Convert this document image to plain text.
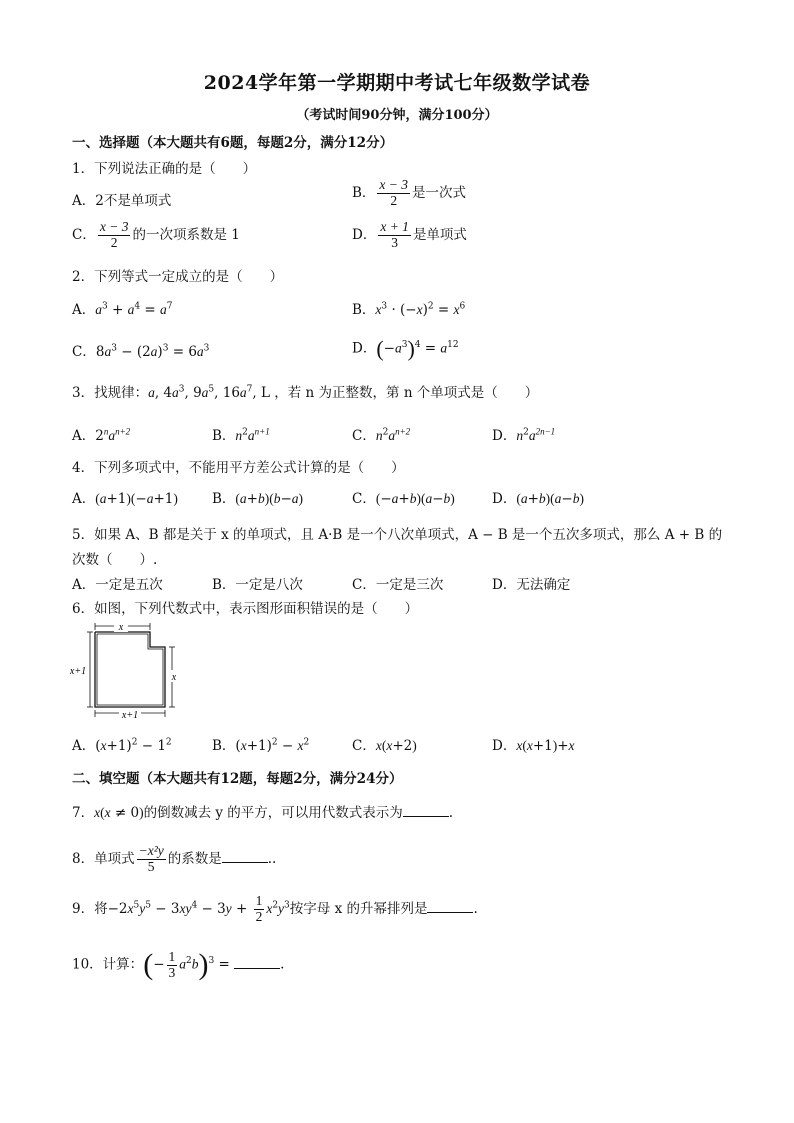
2024学年第一学期期中考试七年级数学试卷
（考试时间90分钟，满分100分）
一、选择题（本大题共有6题，每题2分，满分12分）
1．下列说法正确的是（　　）
A．2不是单项式
B． $\frac{x - 3}{2}$ 是一次式
C． $\frac{x - 3}{2}$ 的一次项系数是 1	D． $\frac{x + 1}{3}$ 是单项式
2．下列等式一定成立的是（　　）
A．$a^3 + a^4 = a^7$	B．$x^3 \cdot (-x)^2 = x^6$
C．$8a^3 - (2a)^3 = 6a^3$	D．$(-a^3)^4 = a^{12}$
3．找规律：a, $4a^3$, $9a^5$, $16a^7$, L ，若 n 为正整数，第 n 个单项式是（　　）
A．$2^na^{n+2}$	B．$n^2a^{n+1}$	C．$n^2a^{n+2}$	D．$n^2a^{2n-1}$
4．下列多项式中，不能用平方差公式计算的是（　　）
A．(a+1)(−a+1)	B．(a+b)(b−a)	C．(−a+b)(a−b)	D．(a+b)(a−b)
5．如果 A、B 都是关于 x 的单项式，且 A·B 是一个八次单项式，A − B 是一个五次多项式，那么 A + B 的
次数（　　）.
A．一定是五次	B．一定是八次	C．一定是三次	D．无法确定
6．如图，下列代数式中，表示图形面积错误的是（　　）
x
x+1
x
x+1
A．$(x+1)^2 - 1^2$	B．$(x+1)^2 - x^2$	C．x(x+2)	D．x(x+1)+x
二、填空题（本大题共有12题，每题2分，满分24分）
7．x(x ≠ 0)的倒数减去 y 的平方，可以用代数式表示为	.
8．单项式 $\frac{\text{−x²y}}{5}$ 的系数是	..
9．将$-2x^5y^5 - 3xy^4 - 3y + \frac{1}{2} x^2y^3$按字母 x 的升幂排列是	.
10．计算：(− $\frac{1}{3} a^2b)^3$ =	.
